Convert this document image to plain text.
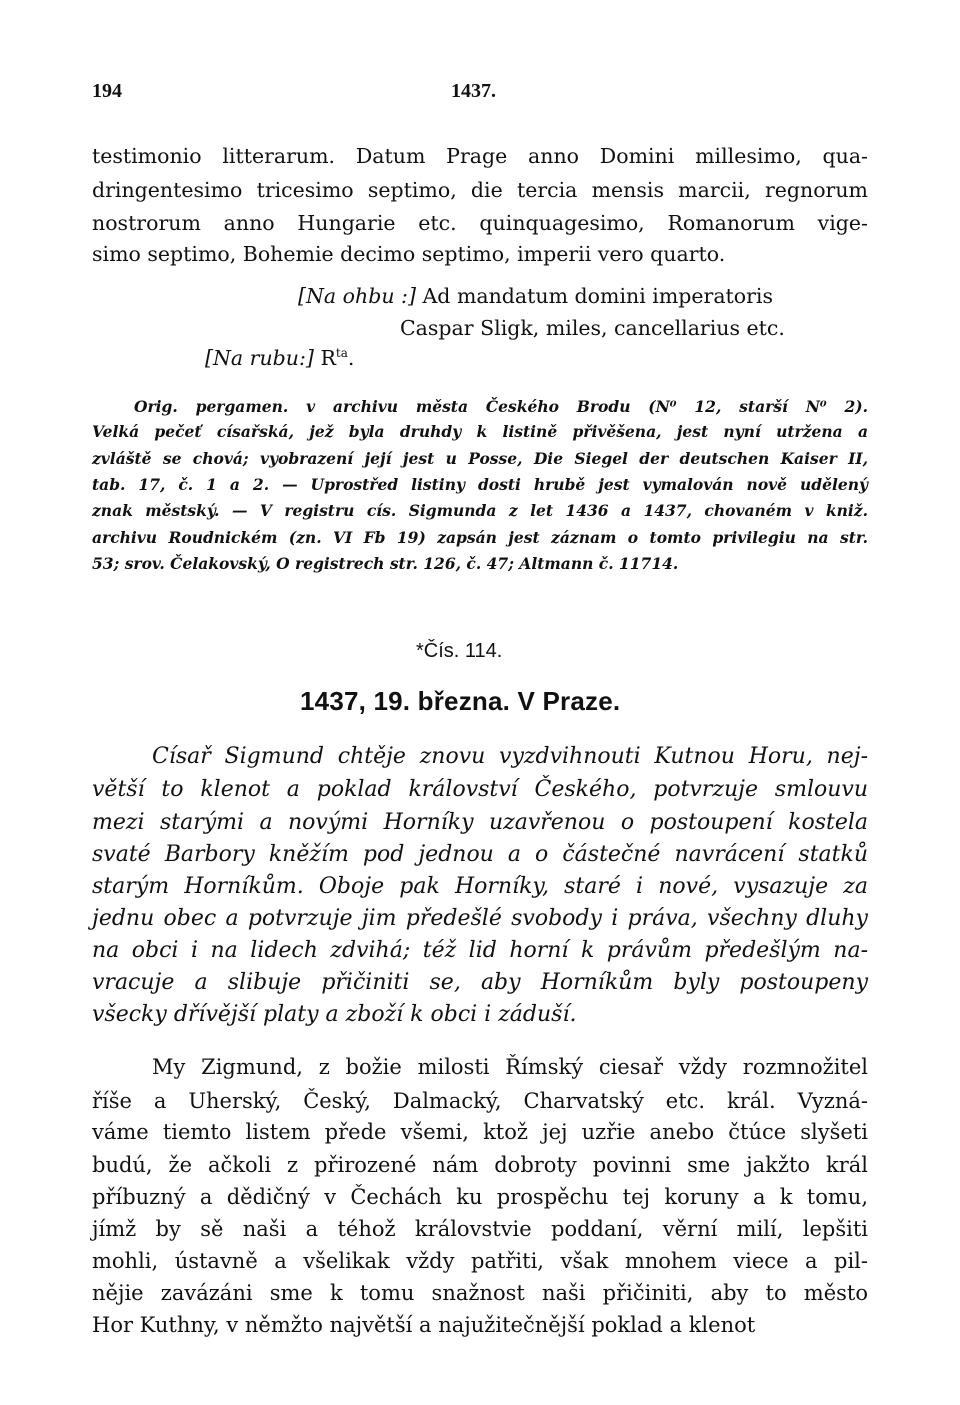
194	1437.
testimonio litterarum. Datum Prage anno Domini millesimo, qua-
dringentesimo tricesimo septimo, die tercia mensis marcii, regnorum
nostrorum anno Hungarie etc. quinquagesimo, Romanorum vige-
simo septimo, Bohemie decimo septimo, imperii vero quarto.
[Na ohbu :] Ad mandatum domini imperatoris
Caspar Sligk, miles, cancellarius etc.
[Na rubu:] $R^{ta}$.
Orig. pergamen. v archivu města Českého Brodu (N⁰ 12, starší N⁰ 2).
Velká pečeť císařská, jež byla druhdy k listině přivěšena, jest nyní utržena a
zvláště se chová; vyobrazení její jest u Posse, Die Siegel der deutschen Kaiser II,
tab. 17, č. 1 a 2. — Uprostřed listiny dosti hrubě jest vymalován nově udělený
znak městský. — V registru cís. Sigmunda z let 1436 a 1437, chovaném v kniž.
archivu Roudnickém (zn. VI Fb 19) zapsán jest záznam o tomto privilegiu na str.
53; srov. Čelakovský, O registrech str. 126, č. 47; Altmann č. 11714.
*Čís. 114.
1437, 19. března. V Praze.
Císař Sigmund chtěje znovu vyzdvihnouti Kutnou Horu, nej-
větší to klenot a poklad království Českého, potvrzuje smlouvu
mezi starými a novými Horníky uzavřenou o postoupení kostela
svaté Barbory kněžím pod jednou a o částečné navrácení statků
starým Horníkům. Oboje pak Horníky, staré i nové, vysazuje za
jednu obec a potvrzuje jim předešlé svobody i práva, všechny dluhy
na obci i na lidech zdvihá; též lid horní k právům předešlým na-
vracuje a slibuje přičiniti se, aby Horníkům byly postoupeny
všecky dřívější platy a zboží k obci i záduší.
My Zigmund, z božie milosti Římský ciesař vždy rozmnožitel
říše a Uherský, Český, Dalmacký, Charvatský etc. král. Vyzná-
váme tiemto listem přede všemi, ktož jej uzřie anebo čtúce slyšeti
budú, že ačkoli z přirozené nám dobroty povinni sme jakžto král
příbuzný a dědičný v Čechách ku prospěchu tej koruny a k tomu,
jímž by sě naši a téhož královstvie poddaní, věrní milí, lepšiti
mohli, ústavně a všelikak vždy patřiti, však mnohem viece a pil-
nějie zavázáni sme k tomu snažnost naši přičiniti, aby to město
Hor Kuthny, v němžto najvětší a najužitečnější poklad a klenot
